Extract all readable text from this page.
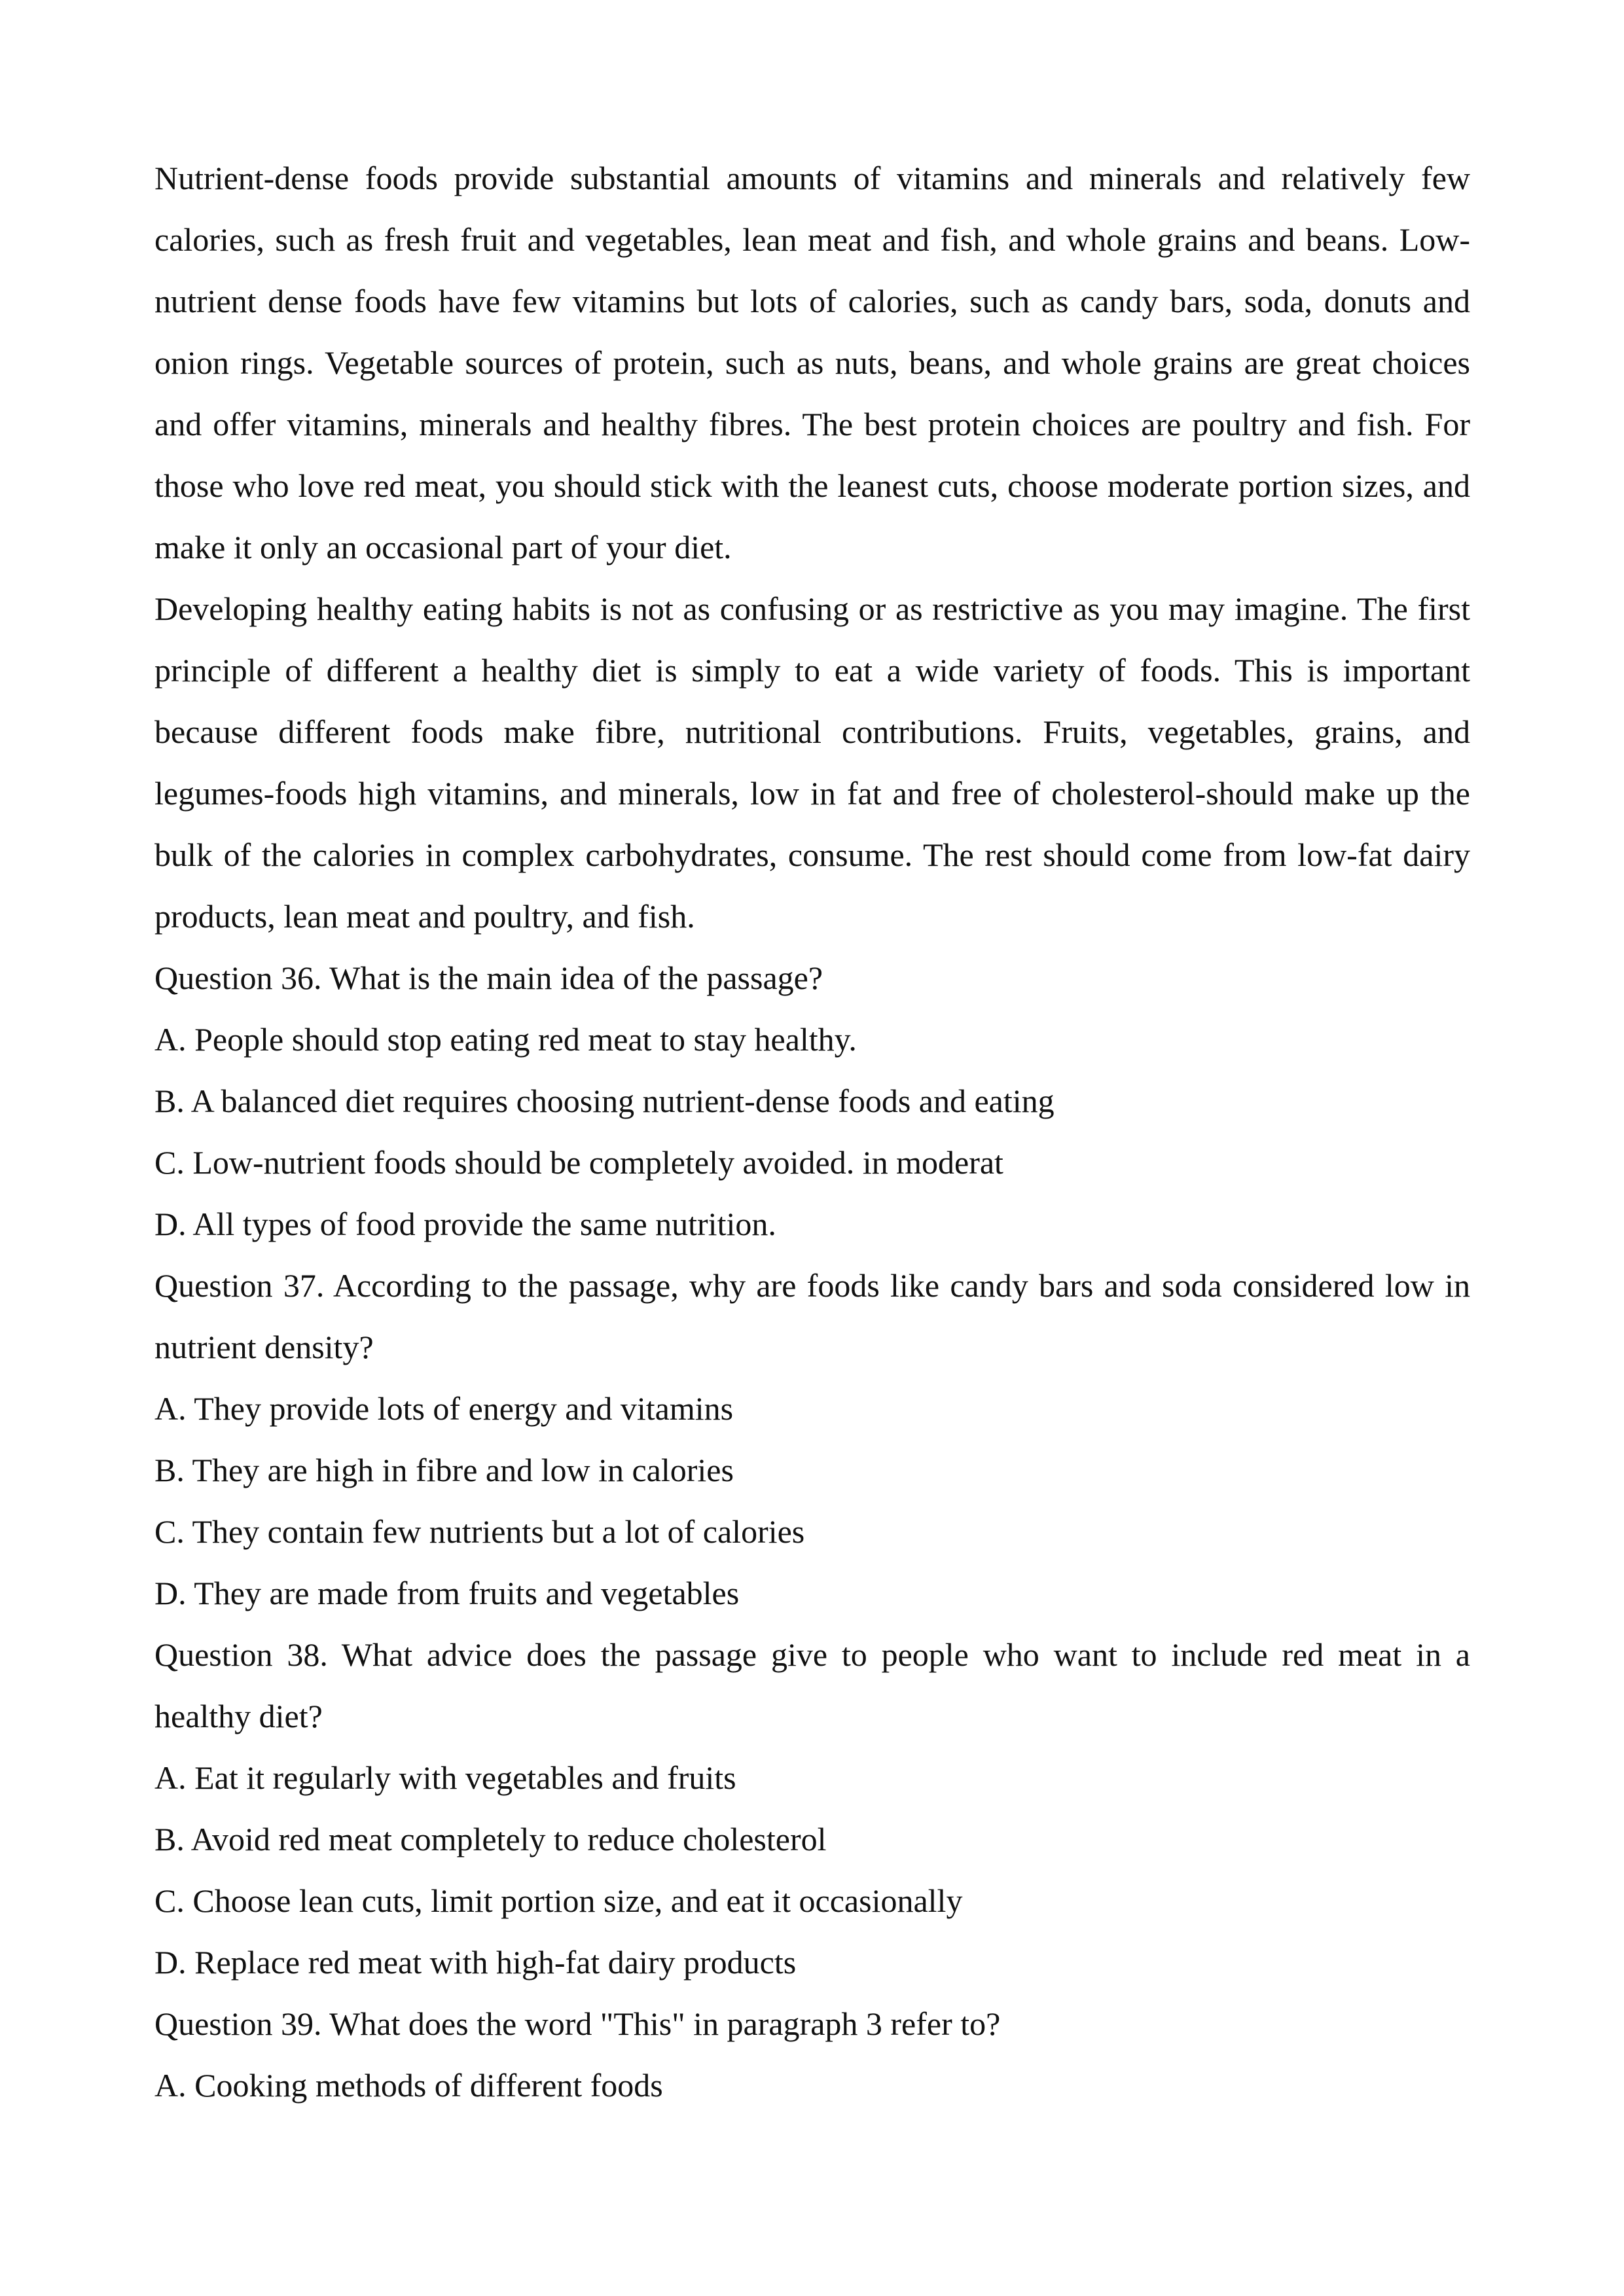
Nutrient-dense foods provide substantial amounts of vitamins and minerals and relatively few calories, such as fresh fruit and vegetables, lean meat and fish, and whole grains and beans. Low-nutrient dense foods have few vitamins but lots of calories, such as candy bars, soda, donuts and onion rings. Vegetable sources of protein, such as nuts, beans, and whole grains are great choices and offer vitamins, minerals and healthy fibres. The best protein choices are poultry and fish. For those who love red meat, you should stick with the leanest cuts, choose moderate portion sizes, and make it only an occasional part of your diet.

Developing healthy eating habits is not as confusing or as restrictive as you may imagine. The first principle of different a healthy diet is simply to eat a wide variety of foods. This is important because different foods make fibre, nutritional contributions. Fruits, vegetables, grains, and legumes-foods high vitamins, and minerals, low in fat and free of cholesterol-should make up the bulk of the calories in complex carbohydrates, consume. The rest should come from low-fat dairy products, lean meat and poultry, and fish.

Question 36. What is the main idea of the passage?

A. People should stop eating red meat to stay healthy.

B. A balanced diet requires choosing nutrient-dense foods and eating

C. Low-nutrient foods should be completely avoided. in moderat

D. All types of food provide the same nutrition.

Question 37. According to the passage, why are foods like candy bars and soda considered low in nutrient density?

A. They provide lots of energy and vitamins

B. They are high in fibre and low in calories

C. They contain few nutrients but a lot of calories

D. They are made from fruits and vegetables

Question 38. What advice does the passage give to people who want to include red meat in a healthy diet?

A. Eat it regularly with vegetables and fruits

B. Avoid red meat completely to reduce cholesterol

C. Choose lean cuts, limit portion size, and eat it occasionally

D. Replace red meat with high-fat dairy products

Question 39. What does the word "This" in paragraph 3 refer to?

A. Cooking methods of different foods
